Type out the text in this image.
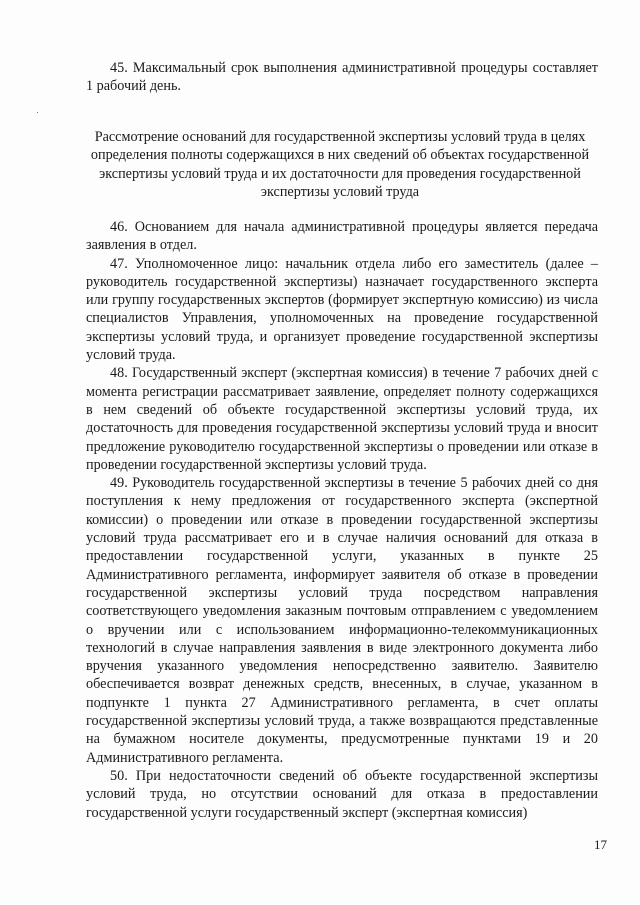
45. Максимальный срок выполнения административной процедуры составляет 1 рабочий день.

Рассмотрение оснований для государственной экспертизы условий труда в целях определения полноты содержащихся в них сведений об объектах государственной экспертизы условий труда и их достаточности для проведения государственной экспертизы условий труда

46. Основанием для начала административной процедуры является передача заявления в отдел.

47. Уполномоченное лицо: начальник отдела либо его заместитель (далее – руководитель государственной экспертизы) назначает государственного эксперта или группу государственных экспертов (формирует экспертную комиссию) из числа специалистов Управления, уполномоченных на проведение государственной экспертизы условий труда, и организует проведение государственной экспертизы условий труда.

48. Государственный эксперт (экспертная комиссия) в течение 7 рабочих дней с момента регистрации рассматривает заявление, определяет полноту содержащихся в нем сведений об объекте государственной экспертизы условий труда, их достаточность для проведения государственной экспертизы условий труда и вносит предложение руководителю государственной экспертизы о проведении или отказе в проведении государственной экспертизы условий труда.

49. Руководитель государственной экспертизы в течение 5 рабочих дней со дня поступления к нему предложения от государственного эксперта (экспертной комиссии) о проведении или отказе в проведении государственной экспертизы условий труда рассматривает его и в случае наличия оснований для отказа в предоставлении государственной услуги, указанных в пункте 25 Административного регламента, информирует заявителя об отказе в проведении государственной экспертизы условий труда посредством направления соответствующего уведомления заказным почтовым отправлением с уведомлением о вручении или с использованием информационно-телекоммуникационных технологий в случае направления заявления в виде электронного документа либо вручения указанного уведомления непосредственно заявителю. Заявителю обеспечивается возврат денежных средств, внесенных, в случае, указанном в подпункте 1 пункта 27 Административного регламента, в счет оплаты государственной экспертизы условий труда, а также возвращаются представленные на бумажном носителе документы, предусмотренные пунктами 19 и 20 Административного регламента.

50. При недостаточности сведений об объекте государственной экспертизы условий труда, но отсутствии оснований для отказа в предоставлении государственной услуги государственный эксперт (экспертная комиссия)

17
